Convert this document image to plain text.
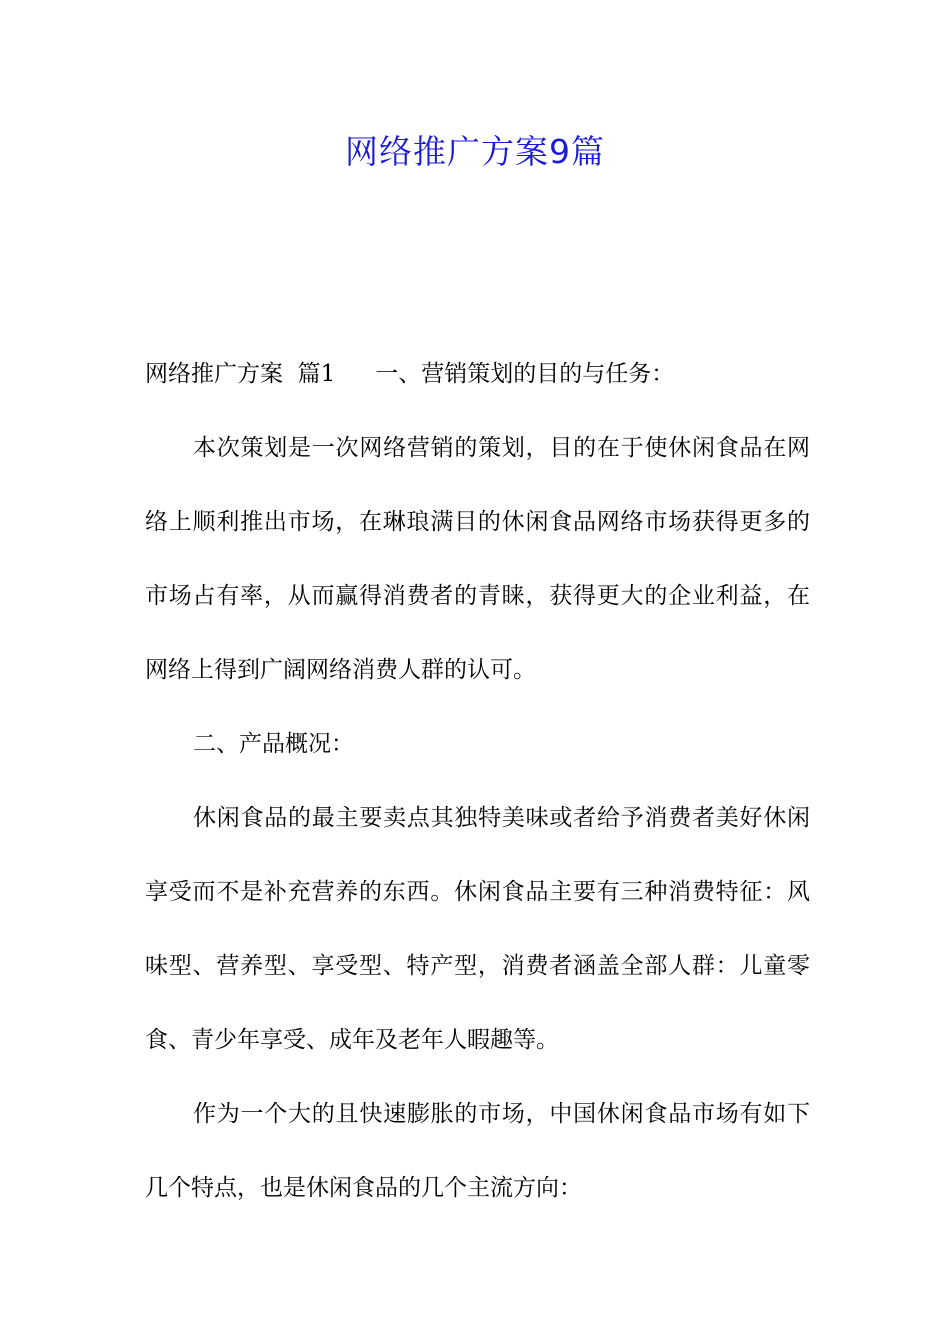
网络推广方案9篇

网络推广方案  篇1 一、营销策划的目的与任务：

本次策划是一次网络营销的策划，目的在于使休闲食品在网络上顺利推出市场，在琳琅满目的休闲食品网络市场获得更多的市场占有率，从而赢得消费者的青睐，获得更大的企业利益，在网络上得到广阔网络消费人群的认可。

二、产品概况：

休闲食品的最主要卖点其独特美味或者给予消费者美好休闲享受而不是补充营养的东西。休闲食品主要有三种消费特征：风味型、营养型、享受型、特产型，消费者涵盖全部人群：儿童零食、青少年享受、成年及老年人暇趣等。

作为一个大的且快速膨胀的市场，中国休闲食品市场有如下几个特点，也是休闲食品的几个主流方向：
